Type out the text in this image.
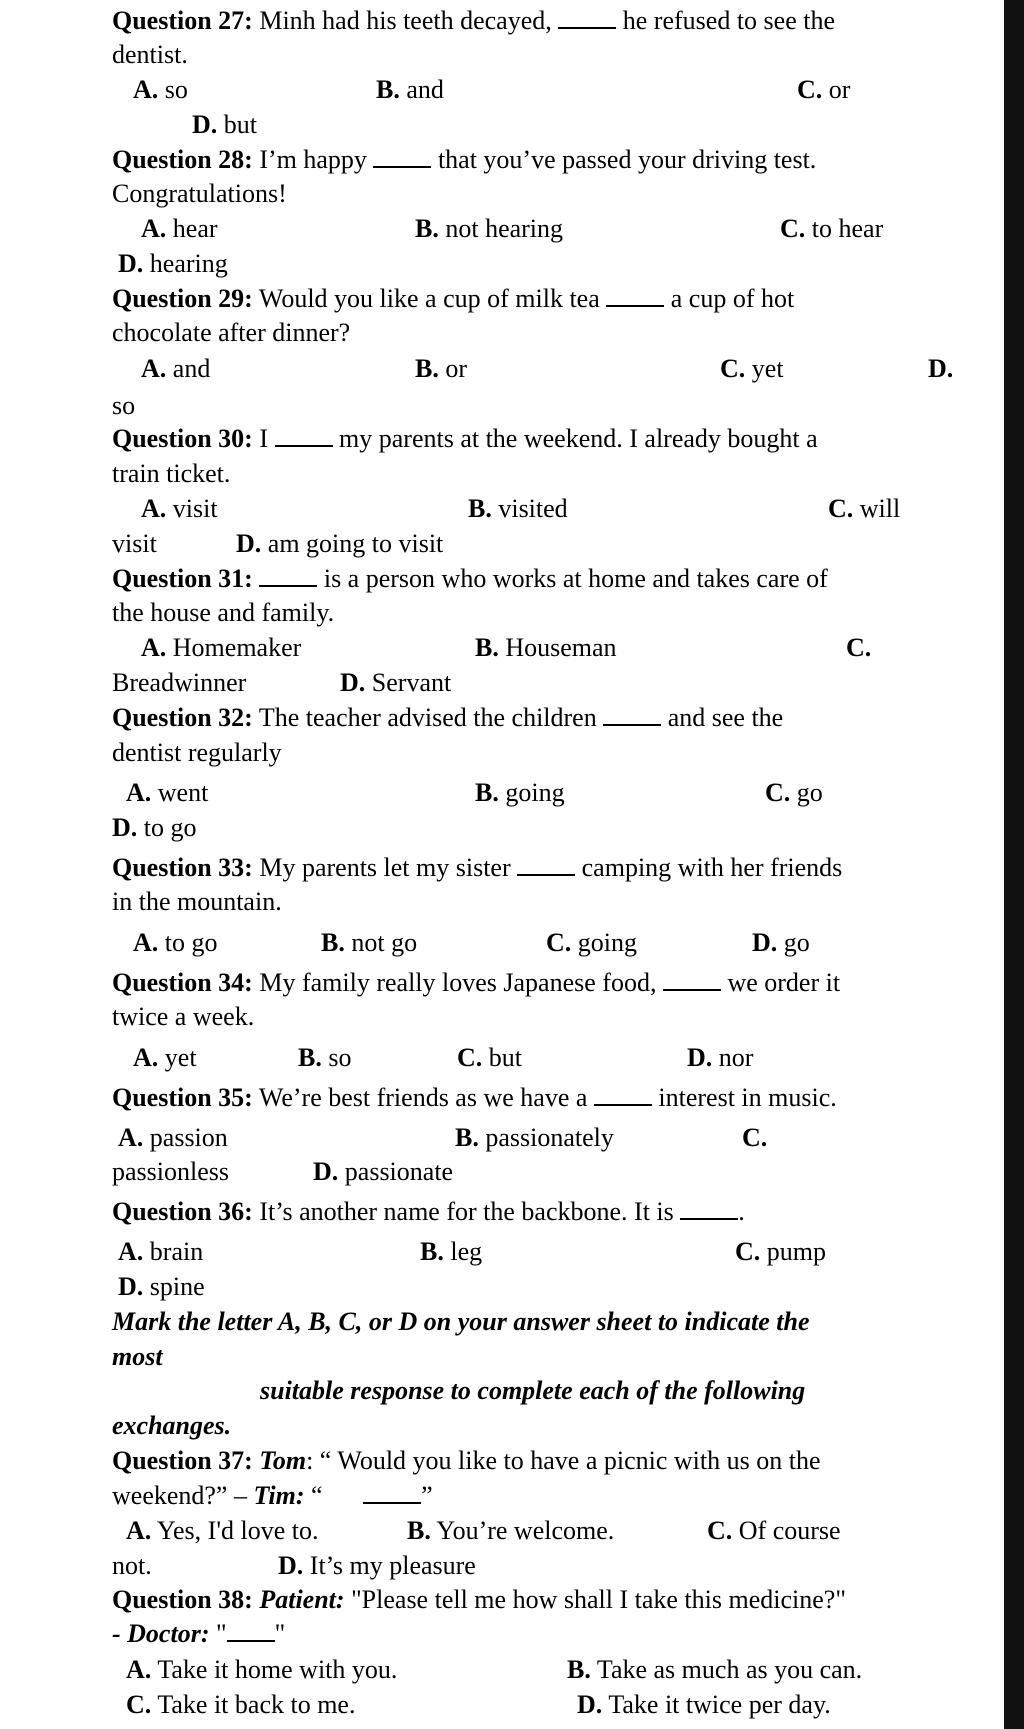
Question 27: Minh had his teeth decayed,	he refused to see the
dentist.
A. so	B. and	C. or
D. but
Question 28: I’m happy	that you’ve passed your driving test.
Congratulations!
A. hear	B. not hearing	C. to hear
D. hearing
Question 29: Would you like a cup of milk tea	a cup of hot
chocolate after dinner?
A. and	B. or	C. yet	D.
so
Question 30: I	my parents at the weekend. I already bought a
train ticket.
A. visit	B. visited	C. will
visit	D. am going to visit
Question 31:	is a person who works at home and takes care of
the house and family.
A. Homemaker	B. Houseman	C.
Breadwinner	D. Servant
Question 32: The teacher advised the children	and see the
dentist regularly
A. went	B. going	C. go
D. to go
Question 33: My parents let my sister	camping with her friends
in the mountain.
A. to go	B. not go	C. going	D. go
Question 34: My family really loves Japanese food,	we order it
twice a week.
A. yet	B. so	C. but	D. nor
Question 35: We’re best friends as we have a	interest in music.
A. passion	B. passionately	C.
passionless	D. passionate
Question 36: It’s another name for the backbone. It is .
A. brain	B. leg	C. pump
D. spine
Mark the letter A, B, C, or D on your answer sheet to indicate the
most
suitable response to complete each of the following
exchanges.
Question 37: Tom: “ Would you like to have a picnic with us on the
weekend?” – Tim: “	”
A. Yes, I'd love to.	B. You’re welcome.	C. Of course
not.	D. It’s my pleasure
Question 38: Patient: "Please tell me how shall I take this medicine?"
- Doctor: " "
A. Take it home with you.	B. Take as much as you can.
C. Take it back to me.	D. Take it twice per day.
